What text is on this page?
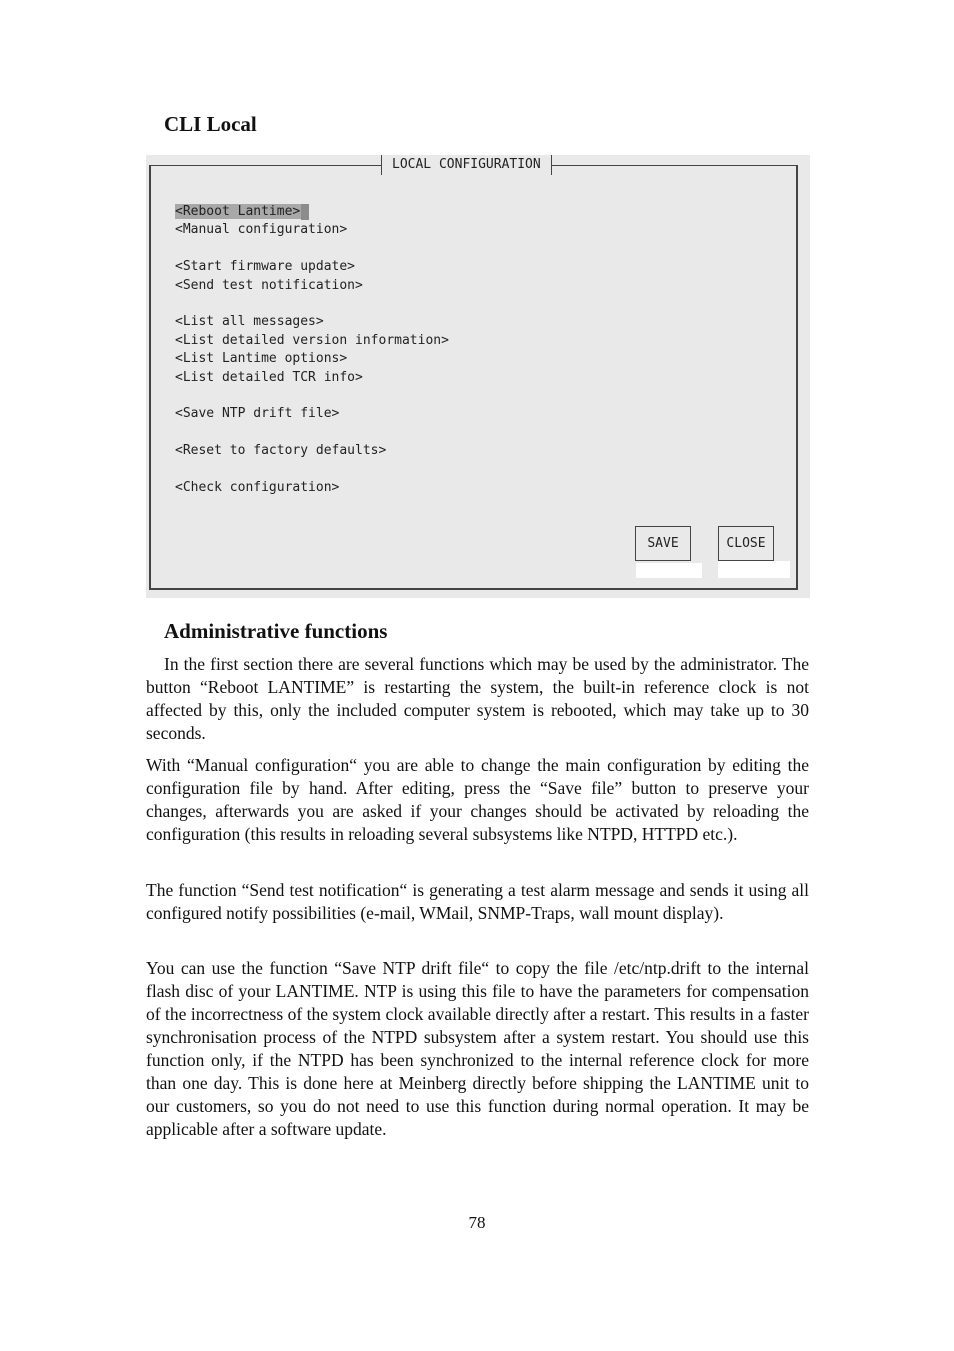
CLI Local
<Reboot Lantime>
<Manual configuration>
<Start firmware update>
<Send test notification>
<List all messages>
<List detailed version information>
<List Lantime options>
<List detailed TCR info>
<Save NTP drift file>
<Reset to factory defaults>
<Check configuration>
SAVE	CLOSE
LOCAL CONFIGURATION
Administrative functions

In the first section there are several functions which may be used by the administrator. The button “Reboot LANTIME” is restarting the system, the built-in reference clock is not affected by this, only the included computer system is rebooted, which may take up to 30 seconds.

With “Manual configuration“ you are able to change the main configuration by editing the configuration file by hand. After editing, press the “Save file” button to preserve your changes, afterwards you are asked if your changes should be activated by reloading the configuration (this results in reloading several subsystems like NTPD, HTTPD etc.).

The function “Send test notification“ is generating a test alarm message and sends it using all configured notify possibilities (e-mail, WMail, SNMP-Traps, wall mount display).

You can use the function “Save NTP drift file“ to copy the file /etc/ntp.drift to the internal flash disc of your LANTIME. NTP is using this file to have the parameters for compensation of the incorrectness of the system clock available directly after a restart. This results in a faster synchronisation process of the NTPD subsystem after a system restart. You should use this function only, if the NTPD has been synchronized to the internal reference clock for more than one day. This is done here at Meinberg directly before shipping the LANTIME unit to our customers, so you do not need to use this function during normal operation. It may be applicable after a software update.

78
